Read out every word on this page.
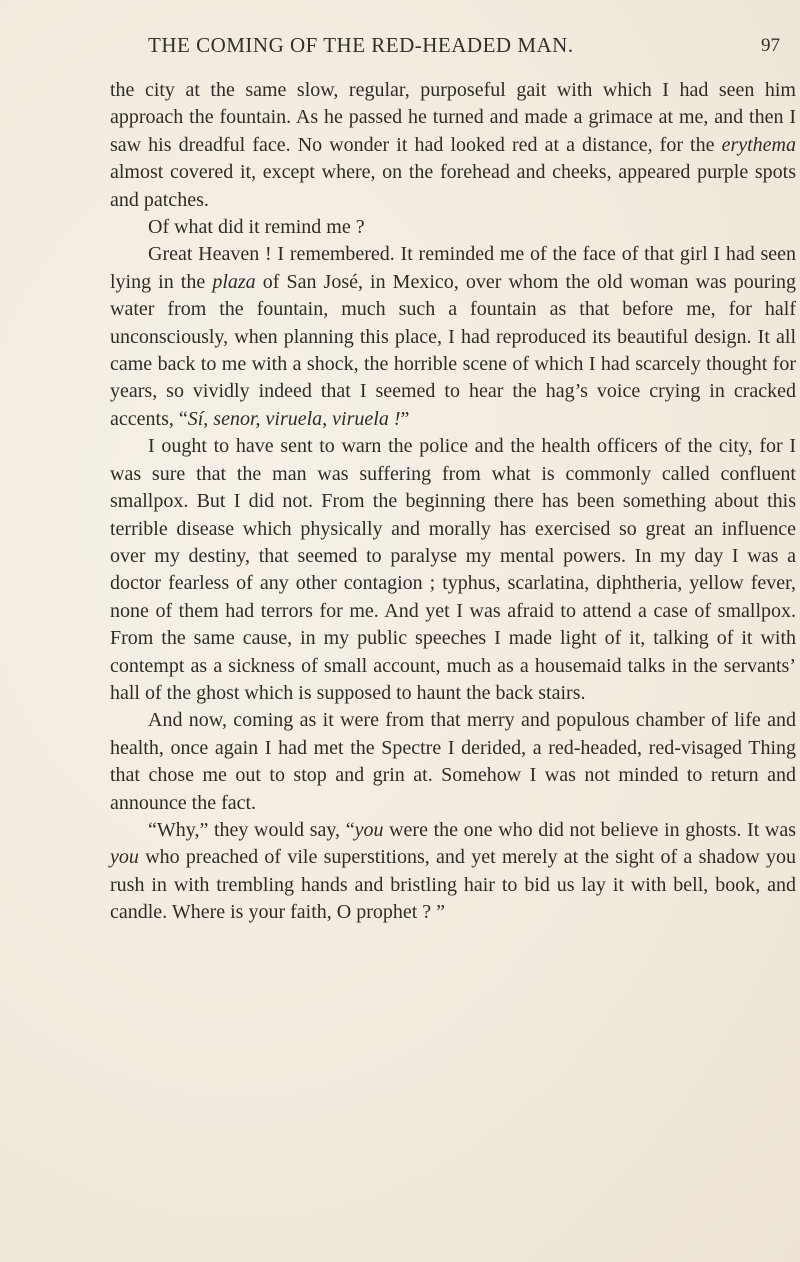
THE COMING OF THE RED-HEADED MAN.	97

the city at the same slow, regular, purposeful gait with which I had seen him approach the fountain. As he passed he turned and made a grimace at me, and then I saw his dreadful face. No wonder it had looked red at a distance, for the erythema almost covered it, except where, on the forehead and cheeks, appeared purple spots and patches.

Of what did it remind me ?

Great Heaven ! I remembered. It reminded me of the face of that girl I had seen lying in the plaza of San José, in Mexico, over whom the old woman was pouring water from the fountain, much such a fountain as that before me, for half unconsciously, when planning this place, I had reproduced its beautiful design. It all came back to me with a shock, the horrible scene of which I had scarcely thought for years, so vividly indeed that I seemed to hear the hag’s voice crying in cracked accents, “Sí, senor, viruela, viruela !”

I ought to have sent to warn the police and the health officers of the city, for I was sure that the man was suffering from what is commonly called confluent smallpox. But I did not. From the beginning there has been something about this terrible disease which physically and morally has exercised so great an influence over my destiny, that seemed to paralyse my mental powers. In my day I was a doctor fearless of any other contagion ; typhus, scarlatina, diphtheria, yellow fever, none of them had terrors for me. And yet I was afraid to attend a case of smallpox. From the same cause, in my public speeches I made light of it, talking of it with contempt as a sickness of small account, much as a housemaid talks in the servants’ hall of the ghost which is supposed to haunt the back stairs.

And now, coming as it were from that merry and populous chamber of life and health, once again I had met the Spectre I derided, a red-headed, red-visaged Thing that chose me out to stop and grin at. Somehow I was not minded to return and announce the fact.

“Why,” they would say, “you were the one who did not believe in ghosts. It was you who preached of vile superstitions, and yet merely at the sight of a shadow you rush in with trembling hands and bristling hair to bid us lay it with bell, book, and candle. Where is your faith, O prophet ? ”
